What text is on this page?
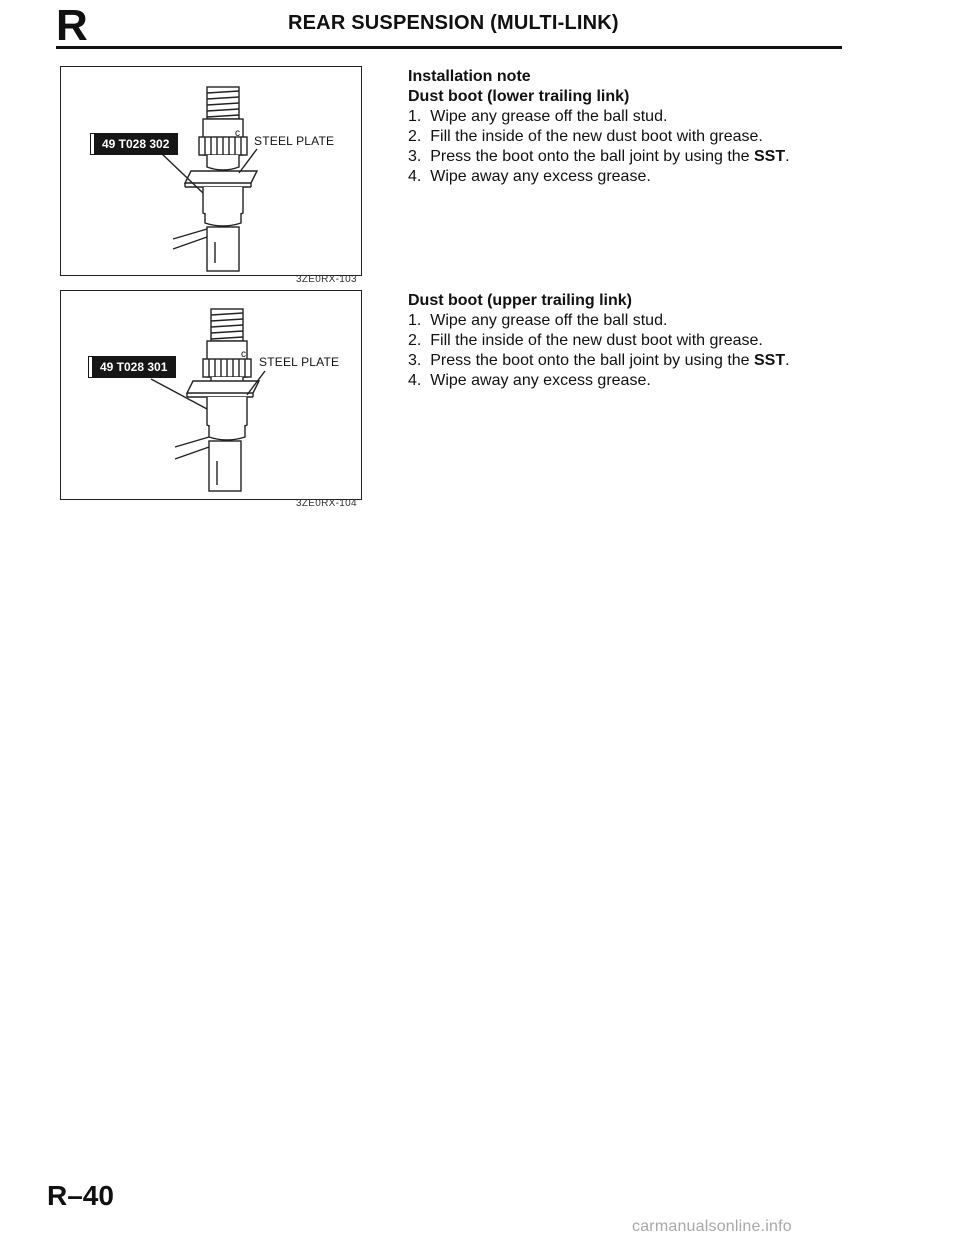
R	REAR SUSPENSION (MULTI-LINK)
49 T028 302	STEEL PLATE
c
3ZE0RX-103
49 T028 301	STEEL PLATE
c
3ZE0RX-104
Installation note
Dust boot (lower trailing link)
1. Wipe any grease off the ball stud.
2. Fill the inside of the new dust boot with grease.
3. Press the boot onto the ball joint by using the SST.
4. Wipe away any excess grease.
Dust boot (upper trailing link)
1. Wipe any grease off the ball stud.
2. Fill the inside of the new dust boot with grease.
3. Press the boot onto the ball joint by using the SST.
4. Wipe away any excess grease.
R–40
carmanualsonline.info
